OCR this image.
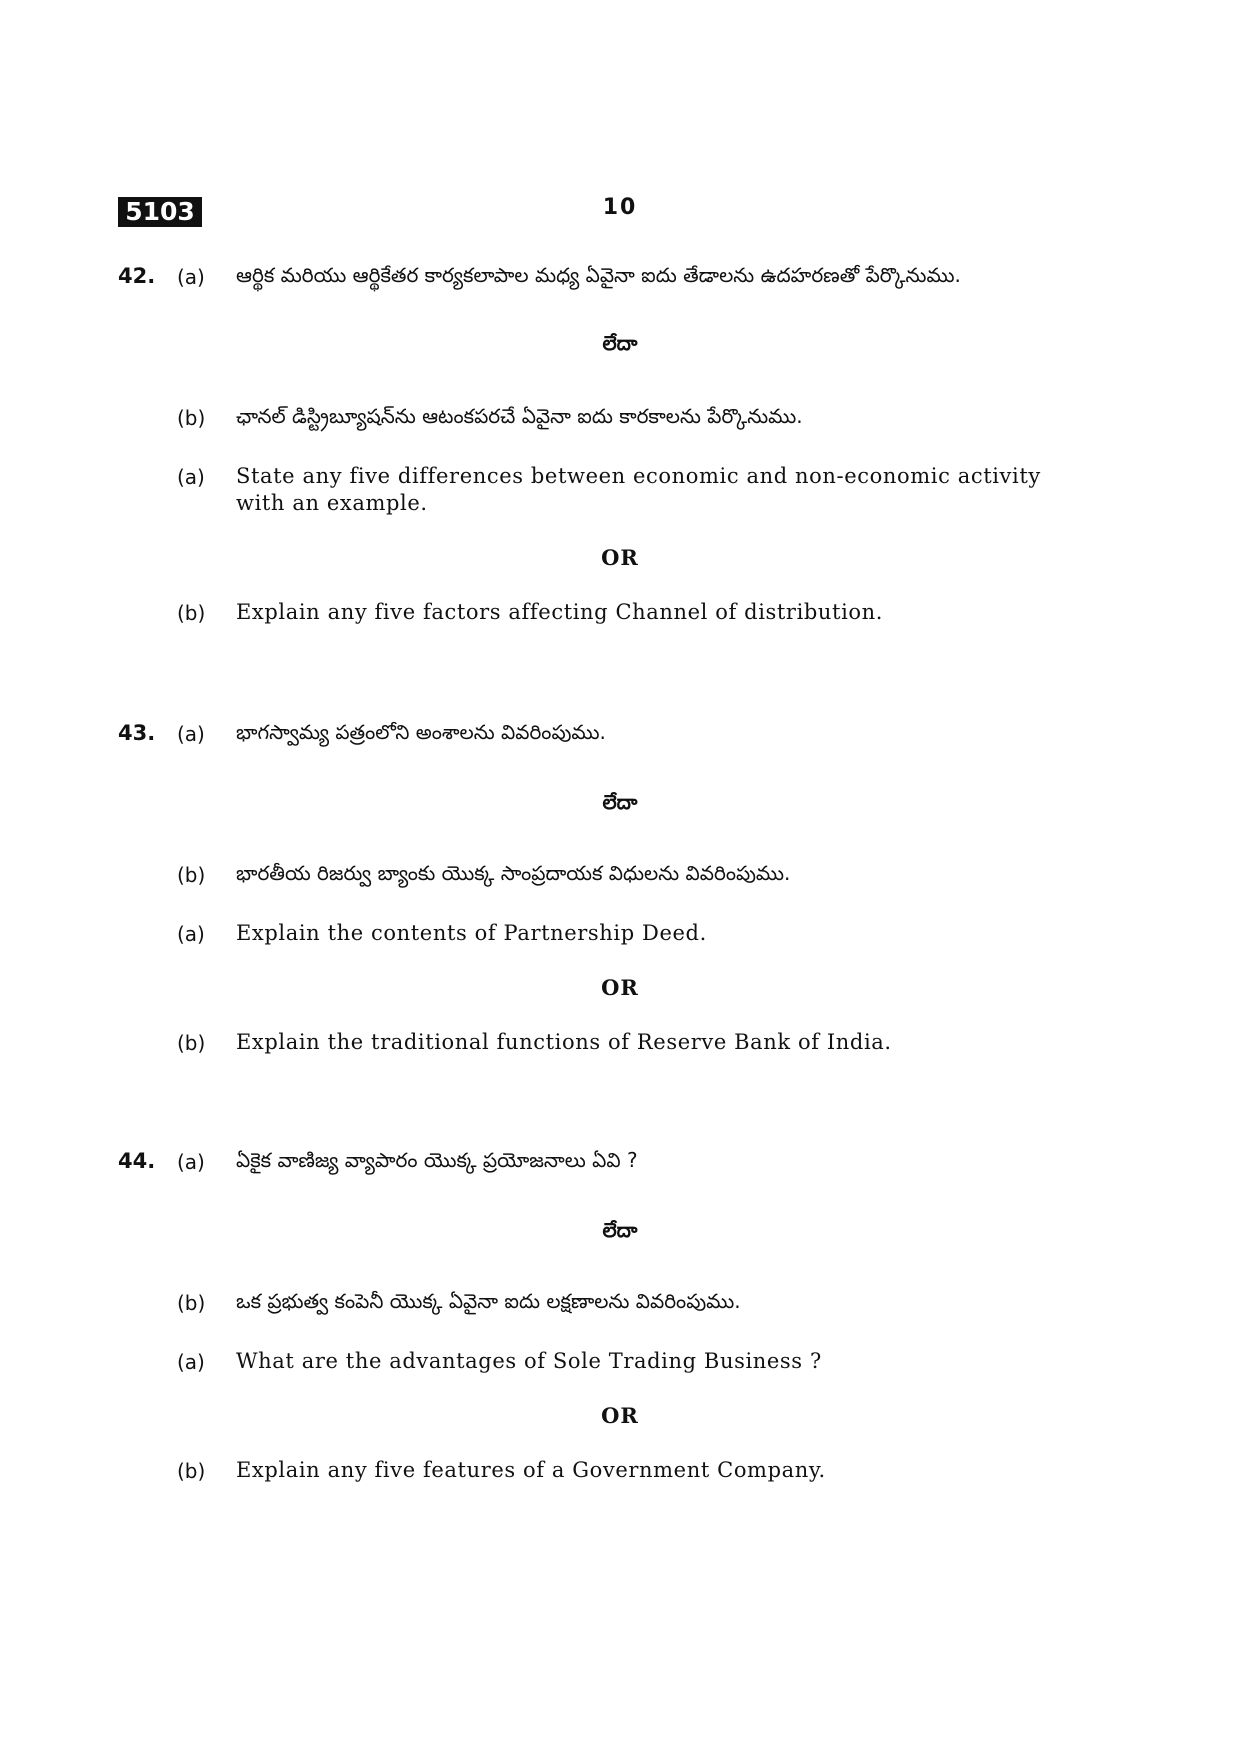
5103	10
42. (a) ఆర్థిక మరియు ఆర్థికేతర కార్యకలాపాల మధ్య ఏవైనా ఐదు తేడాలను ఉదహరణతో పేర్కొనుము.
లేదా
(b) ఛానల్ డిస్ట్రిబ్యూషన్‌ను ఆటంకపరచే ఏవైనా ఐదు కారకాలను పేర్కొనుము.
(a) State any five differences between economic and non-economic activity with an example.
OR
(b) Explain any five factors affecting Channel of distribution.
43. (a) భాగస్వామ్య పత్రంలోని అంశాలను వివరింపుము.
లేదా
(b) భారతీయ రిజర్వు బ్యాంకు యొక్క సాంప్రదాయక విధులను వివరింపుము.
(a) Explain the contents of Partnership Deed.
OR
(b) Explain the traditional functions of Reserve Bank of India.
44. (a) ఏకైక వాణిజ్య వ్యాపారం యొక్క ప్రయోజనాలు ఏవి ?
లేదా
(b) ఒక ప్రభుత్వ కంపెనీ యొక్క ఏవైనా ఐదు లక్షణాలను వివరింపుము.
(a) What are the advantages of Sole Trading Business ?
OR
(b) Explain any five features of a Government Company.
